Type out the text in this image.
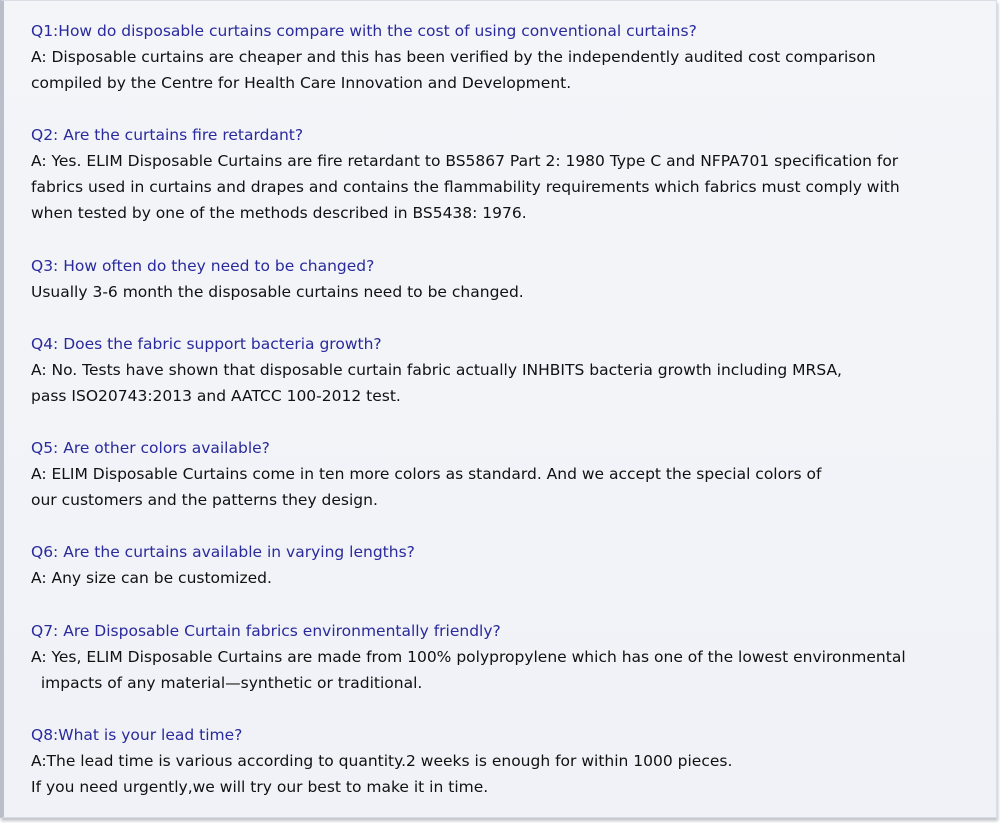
Q1:How do disposable curtains compare with the cost of using conventional curtains?

A: Disposable curtains are cheaper and this has been verified by the independently audited cost comparison
compiled by the Centre for Health Care Innovation and Development.

Q2: Are the curtains fire retardant?

A: Yes. ELIM Disposable Curtains are fire retardant to BS5867 Part 2: 1980 Type C and NFPA701 specification for
fabrics used in curtains and drapes and contains the flammability requirements which fabrics must comply with
when tested by one of the methods described in BS5438: 1976.

Q3: How often do they need to be changed?

Usually 3-6 month the disposable curtains need to be changed.

Q4: Does the fabric support bacteria growth?

A: No. Tests have shown that disposable curtain fabric actually INHBITS bacteria growth including MRSA,
pass ISO20743:2013 and AATCC 100-2012 test.

Q5: Are other colors available?

A: ELIM Disposable Curtains come in ten more colors as standard. And we accept the special colors of
our customers and the patterns they design.

Q6: Are the curtains available in varying lengths?

A: Any size can be customized.

Q7: Are Disposable Curtain fabrics environmentally friendly?

A: Yes, ELIM Disposable Curtains are made from 100% polypropylene which has one of the lowest environmental
impacts of any material—synthetic or traditional.

Q8:What is your lead time?

A:The lead time is various according to quantity.2 weeks is enough for within 1000 pieces.
If you need urgently,we will try our best to make it in time.
